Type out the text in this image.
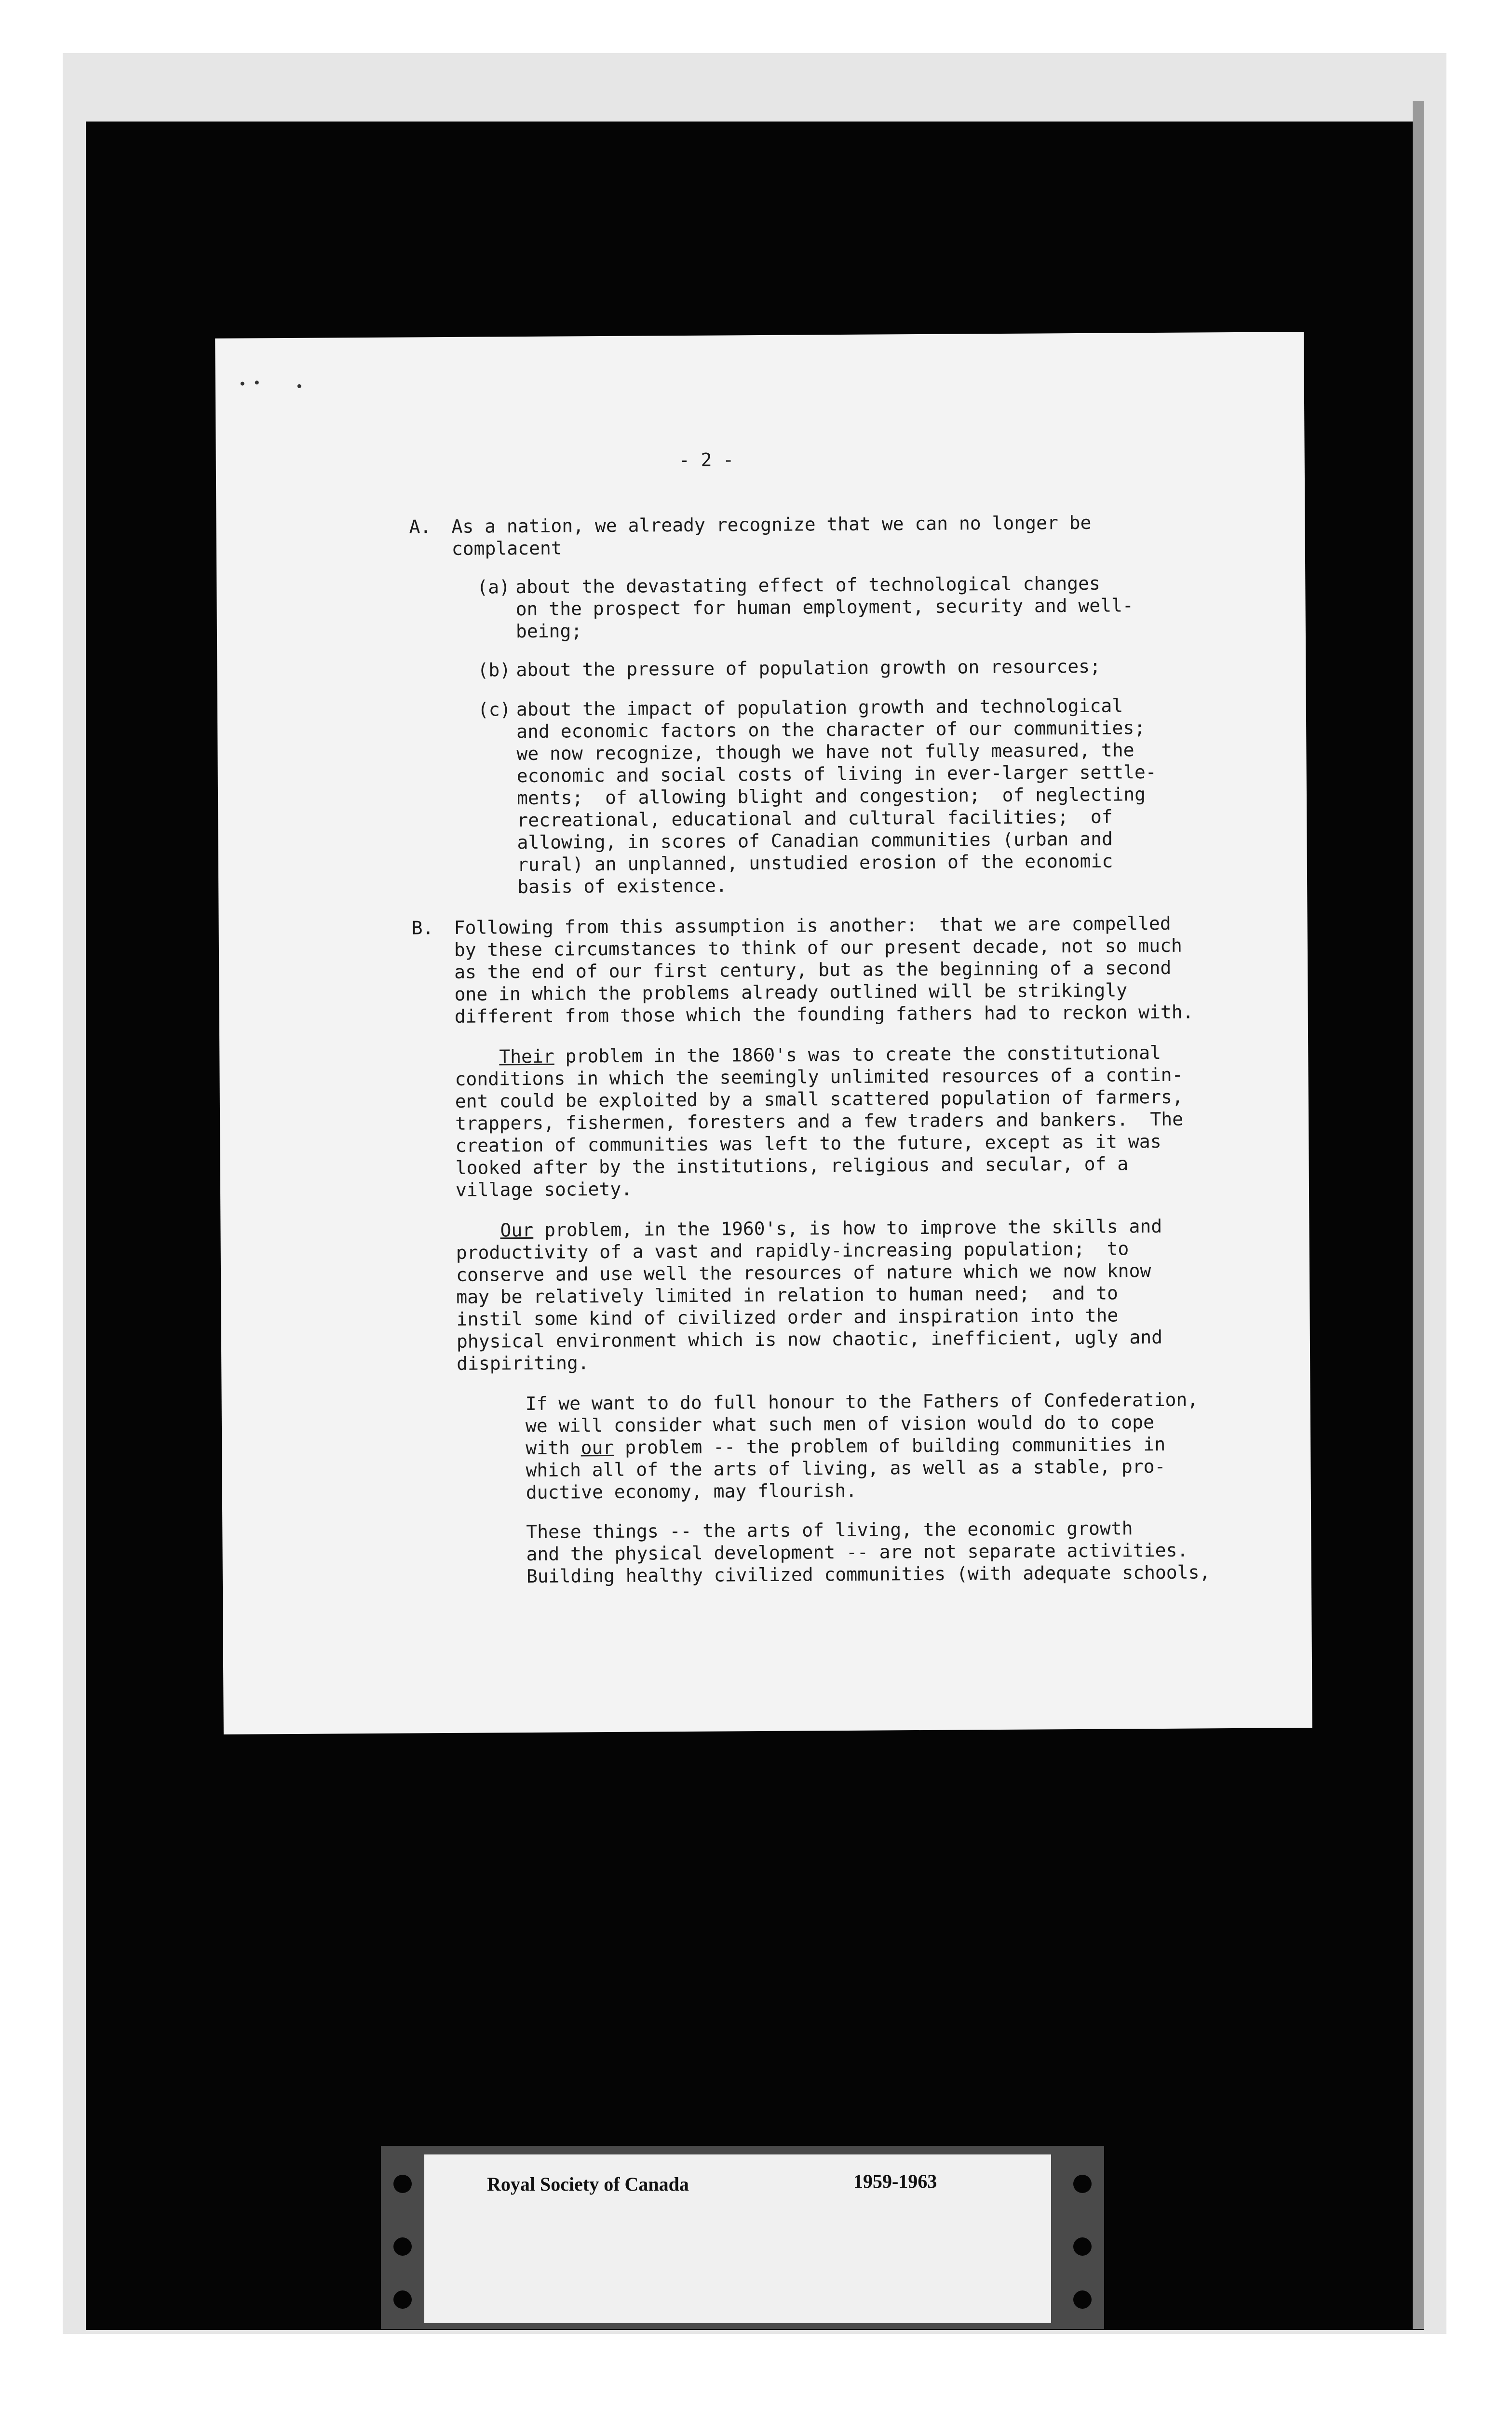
- 2 -
A. As a nation, we already recognize that we can no longer be
complacent
(a) about the devastating effect of technological changes
on the prospect for human employment, security and well-
being;
(b) about the pressure of population growth on resources;
(c) about the impact of population growth and technological
and economic factors on the character of our communities;
we now recognize, though we have not fully measured, the
economic and social costs of living in ever-larger settle-
ments;  of allowing blight and congestion;  of neglecting
recreational, educational and cultural facilities;  of
allowing, in scores of Canadian communities (urban and
rural) an unplanned, unstudied erosion of the economic
basis of existence.
B. Following from this assumption is another:  that we are compelled
by these circumstances to think of our present decade, not so much
as the end of our first century, but as the beginning of a second
one in which the problems already outlined will be strikingly
different from those which the founding fathers had to reckon with.
Their problem in the 1860's was to create the constitutional
conditions in which the seemingly unlimited resources of a contin-
ent could be exploited by a small scattered population of farmers,
trappers, fishermen, foresters and a few traders and bankers.  The
creation of communities was left to the future, except as it was
looked after by the institutions, religious and secular, of a
village society.
Our problem, in the 1960's, is how to improve the skills and
productivity of a vast and rapidly-increasing population;  to
conserve and use well the resources of nature which we now know
may be relatively limited in relation to human need;  and to
instil some kind of civilized order and inspiration into the
physical environment which is now chaotic, inefficient, ugly and
dispiriting.
If we want to do full honour to the Fathers of Confederation,
we will consider what such men of vision would do to cope
with our problem -- the problem of building communities in
which all of the arts of living, as well as a stable, pro-
ductive economy, may flourish.
These things -- the arts of living, the economic growth
and the physical development -- are not separate activities.
Building healthy civilized communities (with adequate schools,
Royal Society of Canada	1959-1963
